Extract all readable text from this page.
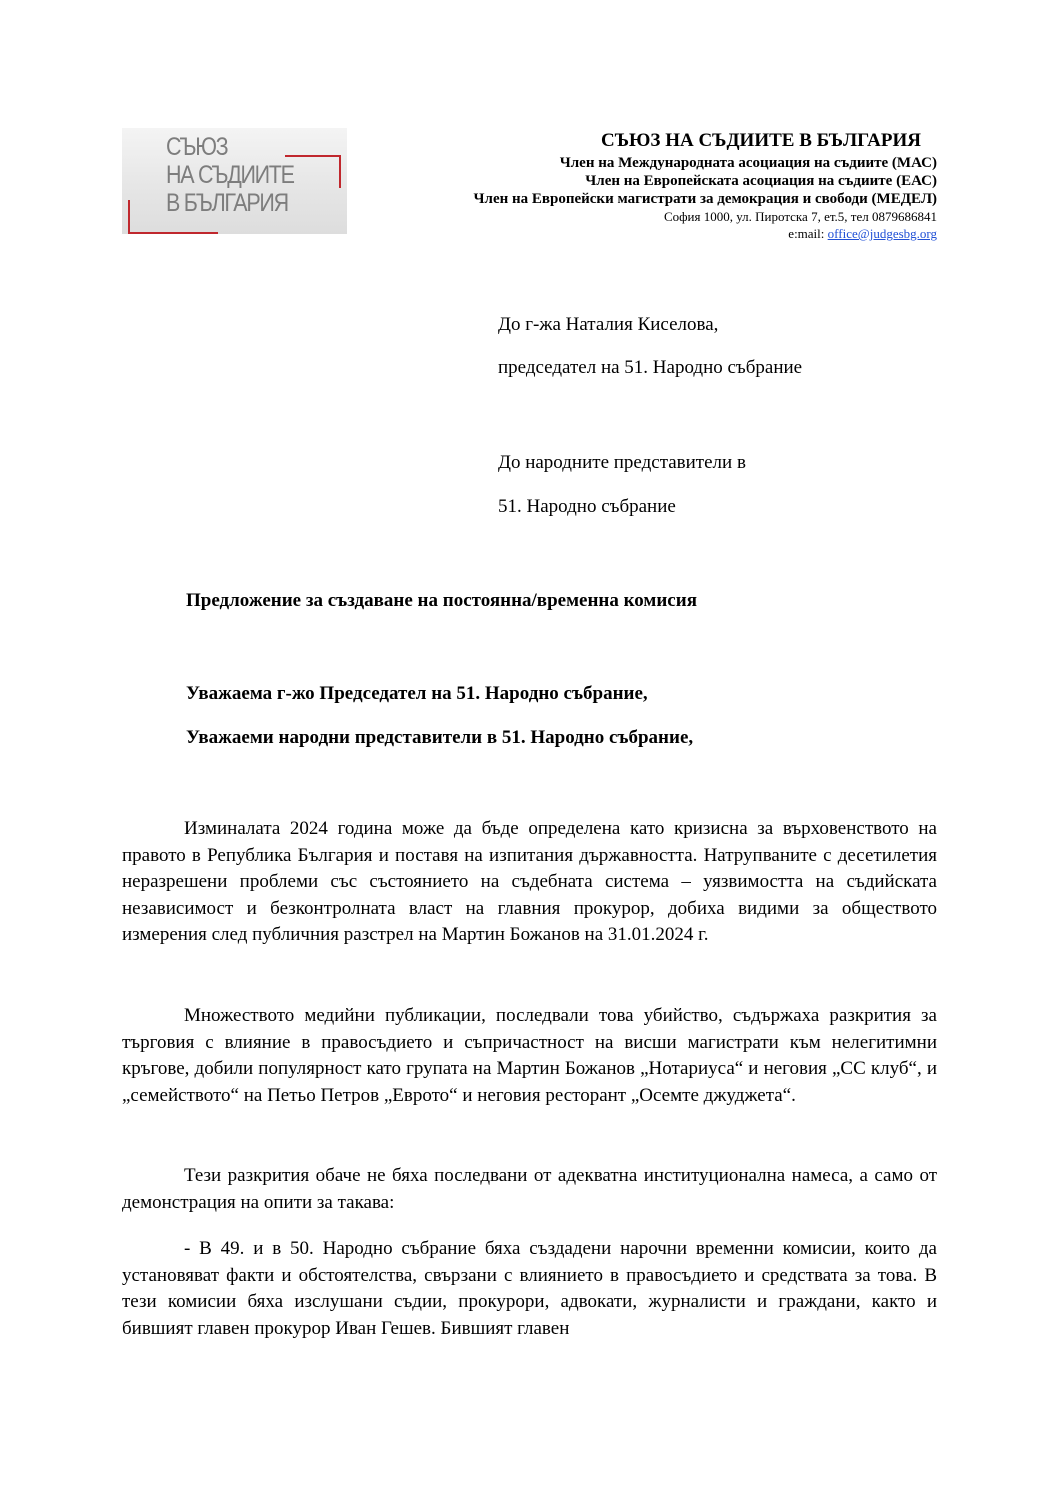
СЪЮЗ
НА СЪДИИТЕ
В БЪЛГАРИЯ
СЪЮЗ НА СЪДИИТЕ В БЪЛГАРИЯ
Член на Международната асоциация на съдиите (МАС)
Член на Европейската асоциация на съдиите (ЕАС)
Член на Европейски магистрати за демокрация и свободи (МЕДЕЛ)
София 1000, ул. Пиротска 7, ет.5, тел 0879686841
e:mail: office@judgesbg.org
До г-жа Наталия Киселова,
председател на 51. Народно събрание
До народните представители в
51. Народно събрание
Предложение за създаване на постоянна/временна комисия
Уважаема г-жо Председател на 51. Народно събрание,
Уважаеми народни представители в 51. Народно събрание,

Изминалата 2024 година може да бъде определена като кризисна за върховенството на правото в Република България и поставя на изпитания държавността. Натрупваните с десетилетия неразрешени проблеми със състоянието на съдебната система – уязвимостта на съдийската независимост и безконтролната власт на главния прокурор, добиха видими за обществото измерения след публичния разстрел на Мартин Божанов на 31.01.2024 г.

Множеството медийни публикации, последвали това убийство, съдържаха разкрития за търговия с влияние в правосъдието и съпричастност на висши магистрати към нелегитимни кръгове, добили популярност като групата на Мартин Божанов „Нотариуса“ и неговия „СС клуб“, и „семейството“ на Петьо Петров „Еврото“ и неговия ресторант „Осемте джуджета“.

Тези разкрития обаче не бяха последвани от адекватна институционална намеса, а само от демонстрация на опити за такава:

- В 49. и в 50. Народно събрание бяха създадени нарочни временни комисии, които да установяват факти и обстоятелства, свързани с влиянието в правосъдието и средствата за това. В тези комисии бяха изслушани съдии, прокурори, адвокати, журналисти и граждани, както и бившият главен прокурор Иван Гешев. Бившият главен
